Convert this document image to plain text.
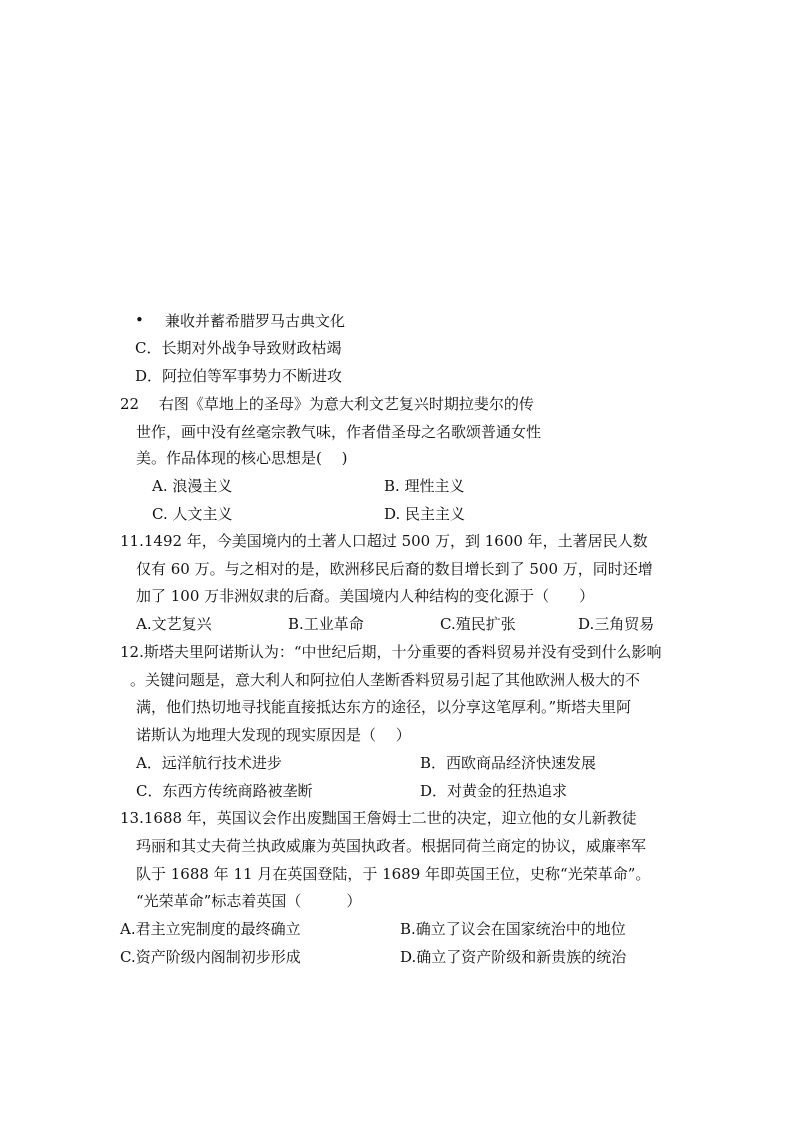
• 兼收并蓄希腊罗马古典文化
C．长期对外战争导致财政枯竭
D．阿拉伯等军事势力不断进攻
22　 右图《草地上的圣母》为意大利文艺复兴时期拉斐尔的传
世作，画中没有丝毫宗教气味，作者借圣母之名歌颂普通女性
美。作品体现的核心思想是(　 )
A. 浪漫主义	B. 理性主义
C. 人文主义	D. 民主主义
11.1492 年，今美国境内的土著人口超过 500 万，到 1600 年，土著居民人数
仅有 60 万。与之相对的是，欧洲移民后裔的数目增长到了 500 万，同时还增
加了 100 万非洲奴隶的后裔。美国境内人种结构的变化源于（　　）
A.文艺复兴	B.工业革命	C.殖民扩张	D.三角贸易
12.斯塔夫里阿诺斯认为：“中世纪后期，十分重要的香料贸易并没有受到什么影响
。关键问题是，意大利人和阿拉伯人垄断香料贸易引起了其他欧洲人极大的不
满，他们热切地寻找能直接抵达东方的途径，以分享这笔厚利。”斯塔夫里阿
诺斯认为地理大发现的现实原因是（　 ）
A．远洋航行技术进步	B．西欧商品经济快速发展
C．东西方传统商路被垄断	D．对黄金的狂热追求
13.1688 年，英国议会作出废黜国王詹姆士二世的决定，迎立他的女儿新教徒
玛丽和其丈夫荷兰执政威廉为英国执政者。根据同荷兰商定的协议，威廉率军
队于 1688 年 11 月在英国登陆，于 1689 年即英国王位，史称“光荣革命”。
“光荣革命”标志着英国（　　　）
A.君主立宪制度的最终确立	B.确立了议会在国家统治中的地位
C.资产阶级内阁制初步形成	D.确立了资产阶级和新贵族的统治
